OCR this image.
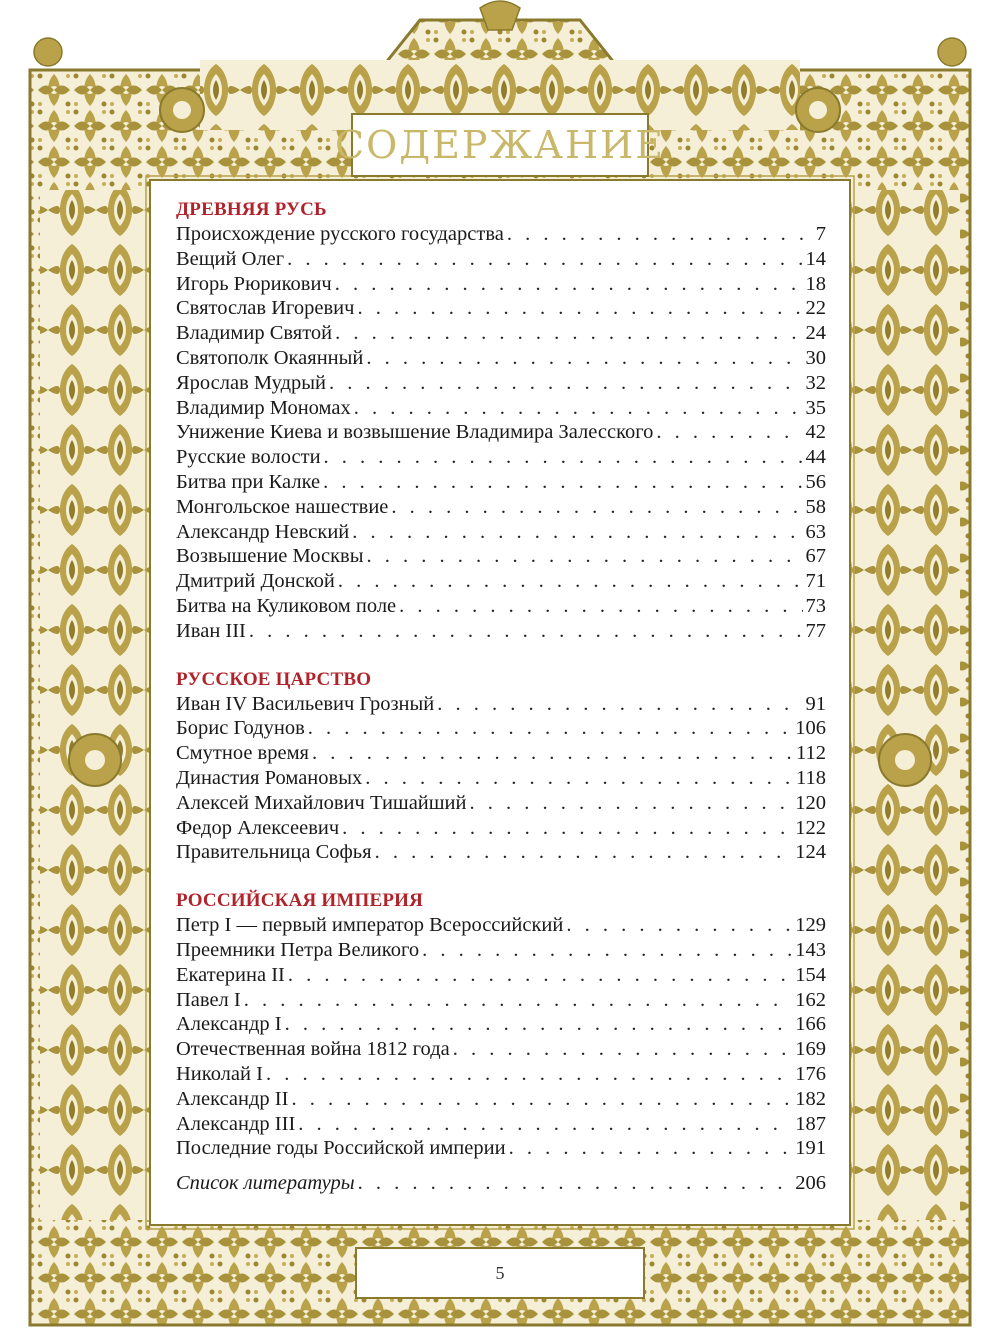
СОДЕРЖАНИЕ
ДРЕВНЯЯ РУСЬ
Происхождение русского государства . . .	7
Вещий Олег . . .	14
Игорь Рюрикович . . .	18
Святослав Игоревич . . .	22
Владимир Святой . . .	24
Святополк Окаянный . . .	30
Ярослав Мудрый . . .	32
Владимир Мономах . . .	35
Унижение Киева и возвышение Владимира Залесского . . .	42
Русские волости . . .	44
Битва при Калке . . .	56
Монгольское нашествие . . .	58
Александр Невский . . .	63
Возвышение Москвы . . .	67
Дмитрий Донской . . .	71
Битва на Куликовом поле . . .	73
Иван III . . .	77
РУССКОЕ ЦАРСТВО
Иван IV Васильевич Грозный . . .	91
Борис Годунов . . .	106
Смутное время . . .	112
Династия Романовых . . .	118
Алексей Михайлович Тишайший . . .	120
Федор Алексеевич . . .	122
Правительница Софья . . .	124
РОССИЙСКАЯ ИМПЕРИЯ
Петр I — первый император Всероссийский . . .	129
Преемники Петра Великого . . .	143
Екатерина II . . .	154
Павел I . . .	162
Александр I . . .	166
Отечественная война 1812 года . . .	169
Николай I . . .	176
Александр II . . .	182
Александр III . . .	187
Последние годы Российской империи . . .	191
Список литературы . . .	206
5
